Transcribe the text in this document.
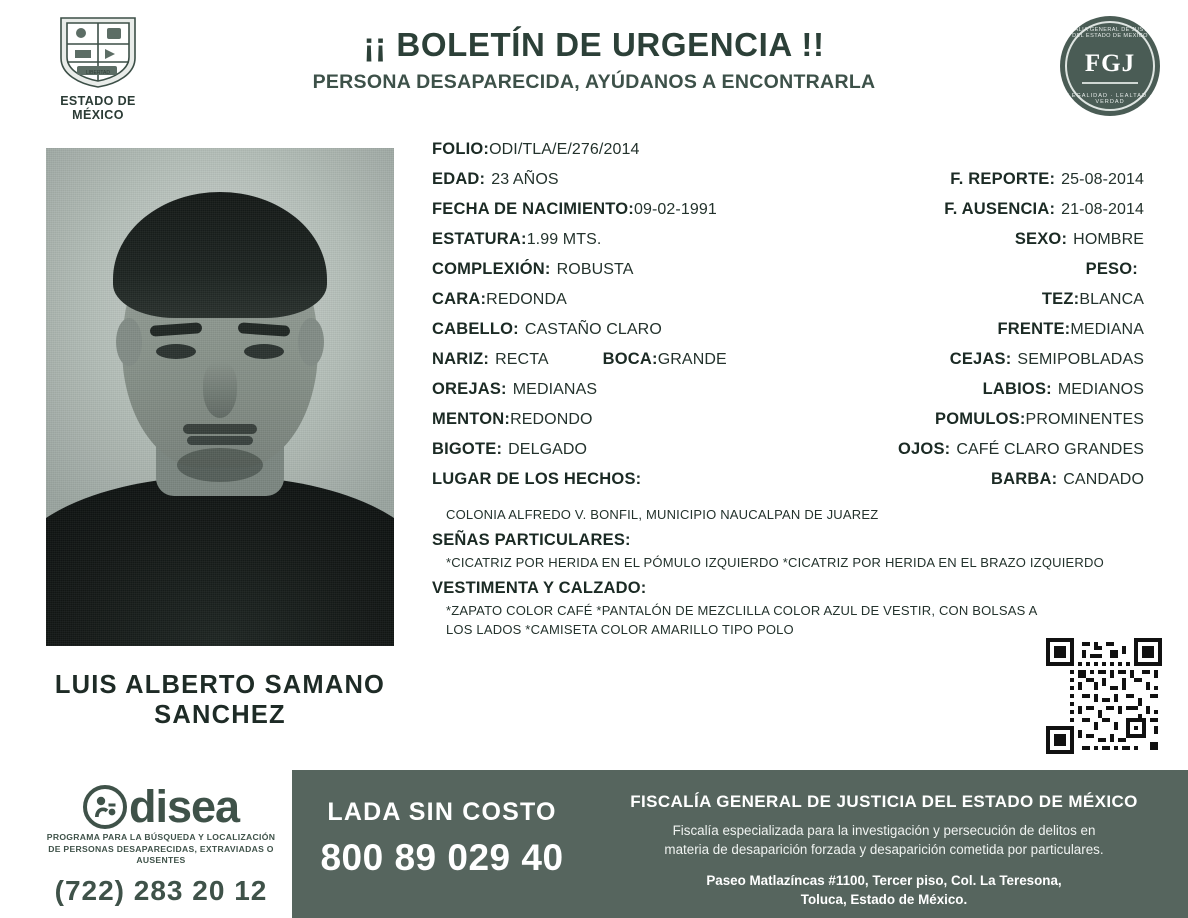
LIBERTAD
ESTADO DE MÉXICO
¡¡ BOLETÍN DE URGENCIA !!
PERSONA DESAPARECIDA, AYÚDANOS A ENCONTRARLA
FISCALIA GENERAL DE JUSTICIA DEL ESTADO DE MEXICO
FGJ
LEGALIDAD · LEALTAD · VERDAD
LUIS ALBERTO SAMANO
SANCHEZ
FOLIO: ODI/TLA/E/276/2014
EDAD: 23 AÑOS	F. REPORTE: 25-08-2014
FECHA DE NACIMIENTO: 09-02-1991	F. AUSENCIA: 21-08-2014
ESTATURA: 1.99 MTS.	SEXO: HOMBRE
COMPLEXIÓN: ROBUSTA	PESO:
CARA: REDONDA	TEZ: BLANCA
CABELLO: CASTAÑO CLARO	FRENTE: MEDIANA
NARIZ: RECTA	BOCA: GRANDE	CEJAS: SEMIPOBLADAS
OREJAS: MEDIANAS	LABIOS: MEDIANOS
MENTON: REDONDO	POMULOS: PROMINENTES
BIGOTE: DELGADO	OJOS: CAFÉ CLARO GRANDES
LUGAR DE LOS HECHOS:	BARBA: CANDADO
COLONIA ALFREDO V. BONFIL, MUNICIPIO NAUCALPAN DE JUAREZ
SEÑAS PARTICULARES:
*CICATRIZ POR HERIDA EN EL PÓMULO IZQUIERDO *CICATRIZ POR HERIDA EN EL BRAZO IZQUIERDO
VESTIMENTA Y CALZADO:
*ZAPATO COLOR CAFÉ *PANTALÓN DE MEZCLILLA COLOR AZUL DE VESTIR, CON BOLSAS A
LOS LADOS *CAMISETA COLOR AMARILLO TIPO POLO
disea
PROGRAMA PARA LA BÚSQUEDA Y LOCALIZACIÓN
DE PERSONAS DESAPARECIDAS, EXTRAVIADAS O
AUSENTES
(722) 283 20 12
LADA SIN COSTO
800 89 029 40
FISCALÍA GENERAL DE JUSTICIA DEL ESTADO DE MÉXICO
Fiscalía especializada para la investigación y persecución de delitos en
materia de desaparición forzada y desaparición cometida por particulares.
Paseo Matlazíncas #1100, Tercer piso, Col. La Teresona,
Toluca, Estado de México.
